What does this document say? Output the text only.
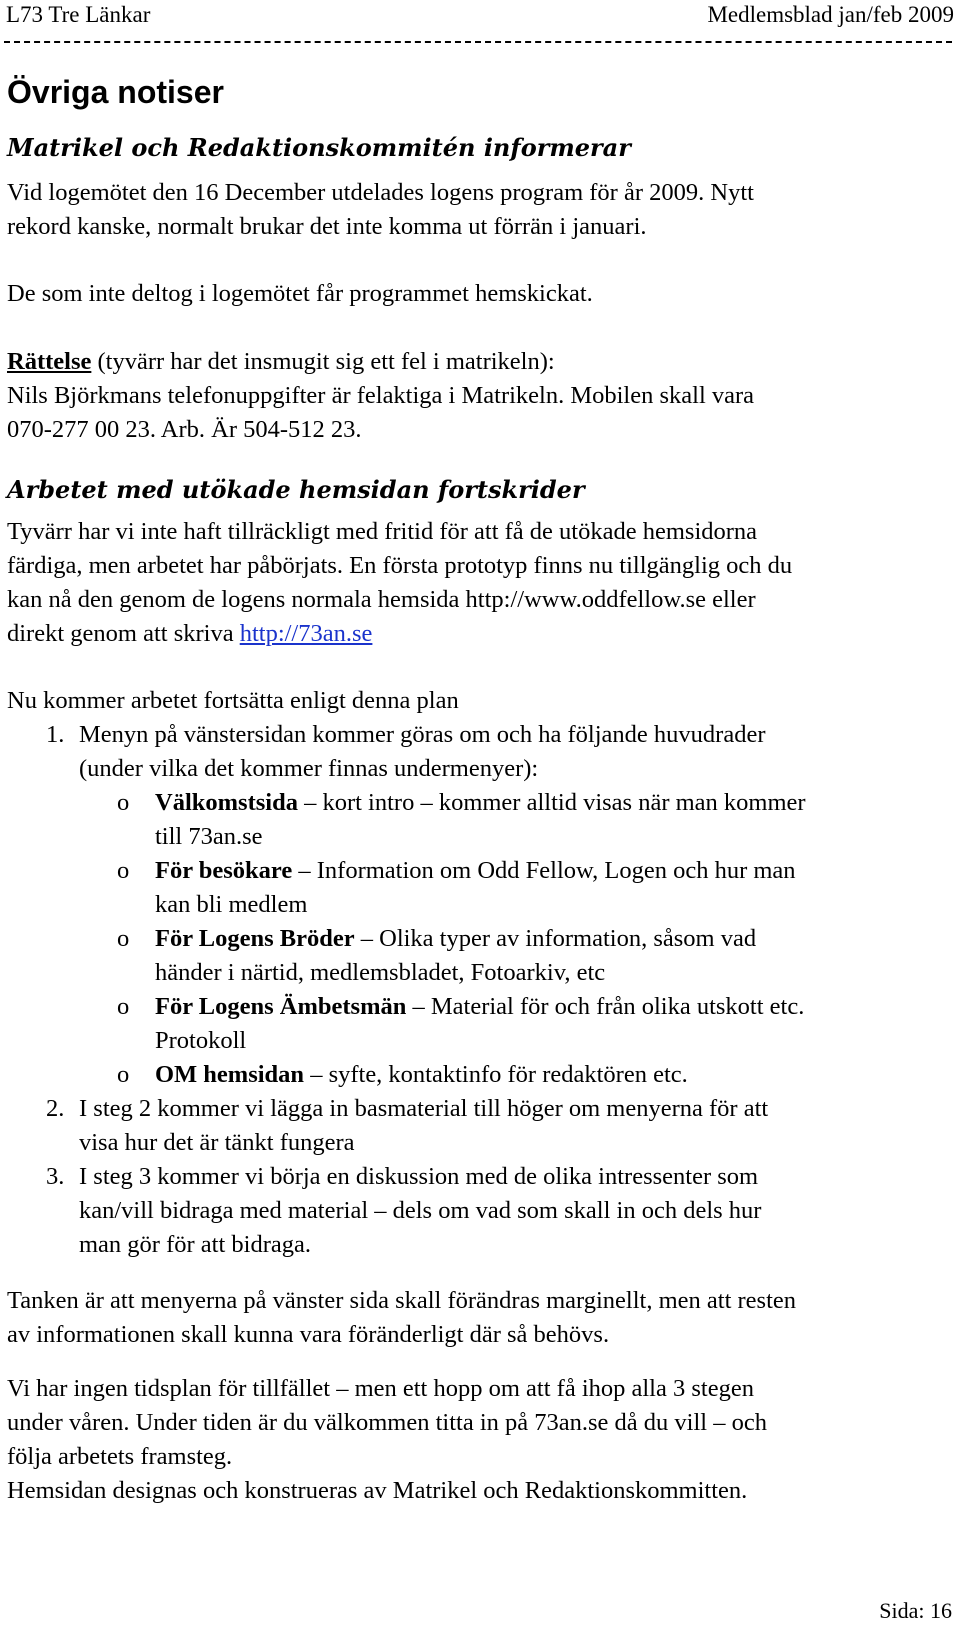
L73 Tre Länkar	Medlemsblad jan/feb 2009
Övriga notiser
Matrikel och Redaktionskommitén informerar
Vid logemötet den 16 December utdelades logens program för år 2009. Nytt
rekord kanske, normalt brukar det inte komma ut förrän i januari.
De som inte deltog i logemötet får programmet hemskickat.
Rättelse (tyvärr har det insmugit sig ett fel i matrikeln):
Nils Björkmans telefonuppgifter är felaktiga i Matrikeln. Mobilen skall vara
070-277 00 23. Arb. Är 504-512 23.
Arbetet med utökade hemsidan fortskrider
Tyvärr har vi inte haft tillräckligt med fritid för att få de utökade hemsidorna
färdiga, men arbetet har påbörjats. En första prototyp finns nu tillgänglig och du
kan nå den genom de logens normala hemsida http://www.oddfellow.se eller
direkt genom att skriva http://73an.se
Nu kommer arbetet fortsätta enligt denna plan
1. Menyn på vänstersidan kommer göras om och ha följande huvudrader
(under vilka det kommer finnas undermenyer):
o Välkomstsida – kort intro – kommer alltid visas när man kommer
till 73an.se
o För besökare – Information om Odd Fellow, Logen och hur man
kan bli medlem
o För Logens Bröder – Olika typer av information, såsom vad
händer i närtid, medlemsbladet, Fotoarkiv, etc
o För Logens Ämbetsmän – Material för och från olika utskott etc.
Protokoll
o OM hemsidan – syfte, kontaktinfo för redaktören etc.
2. I steg 2 kommer vi lägga in basmaterial till höger om menyerna för att
visa hur det är tänkt fungera
3. I steg 3 kommer vi börja en diskussion med de olika intressenter som
kan/vill bidraga med material – dels om vad som skall in och dels hur
man gör för att bidraga.
Tanken är att menyerna på vänster sida skall förändras marginellt, men att resten
av informationen skall kunna vara föränderligt där så behövs.
Vi har ingen tidsplan för tillfället – men ett hopp om att få ihop alla 3 stegen
under våren. Under tiden är du välkommen titta in på 73an.se då du vill – och
följa arbetets framsteg.
Hemsidan designas och konstrueras av Matrikel och Redaktionskommitten.
Sida: 16
